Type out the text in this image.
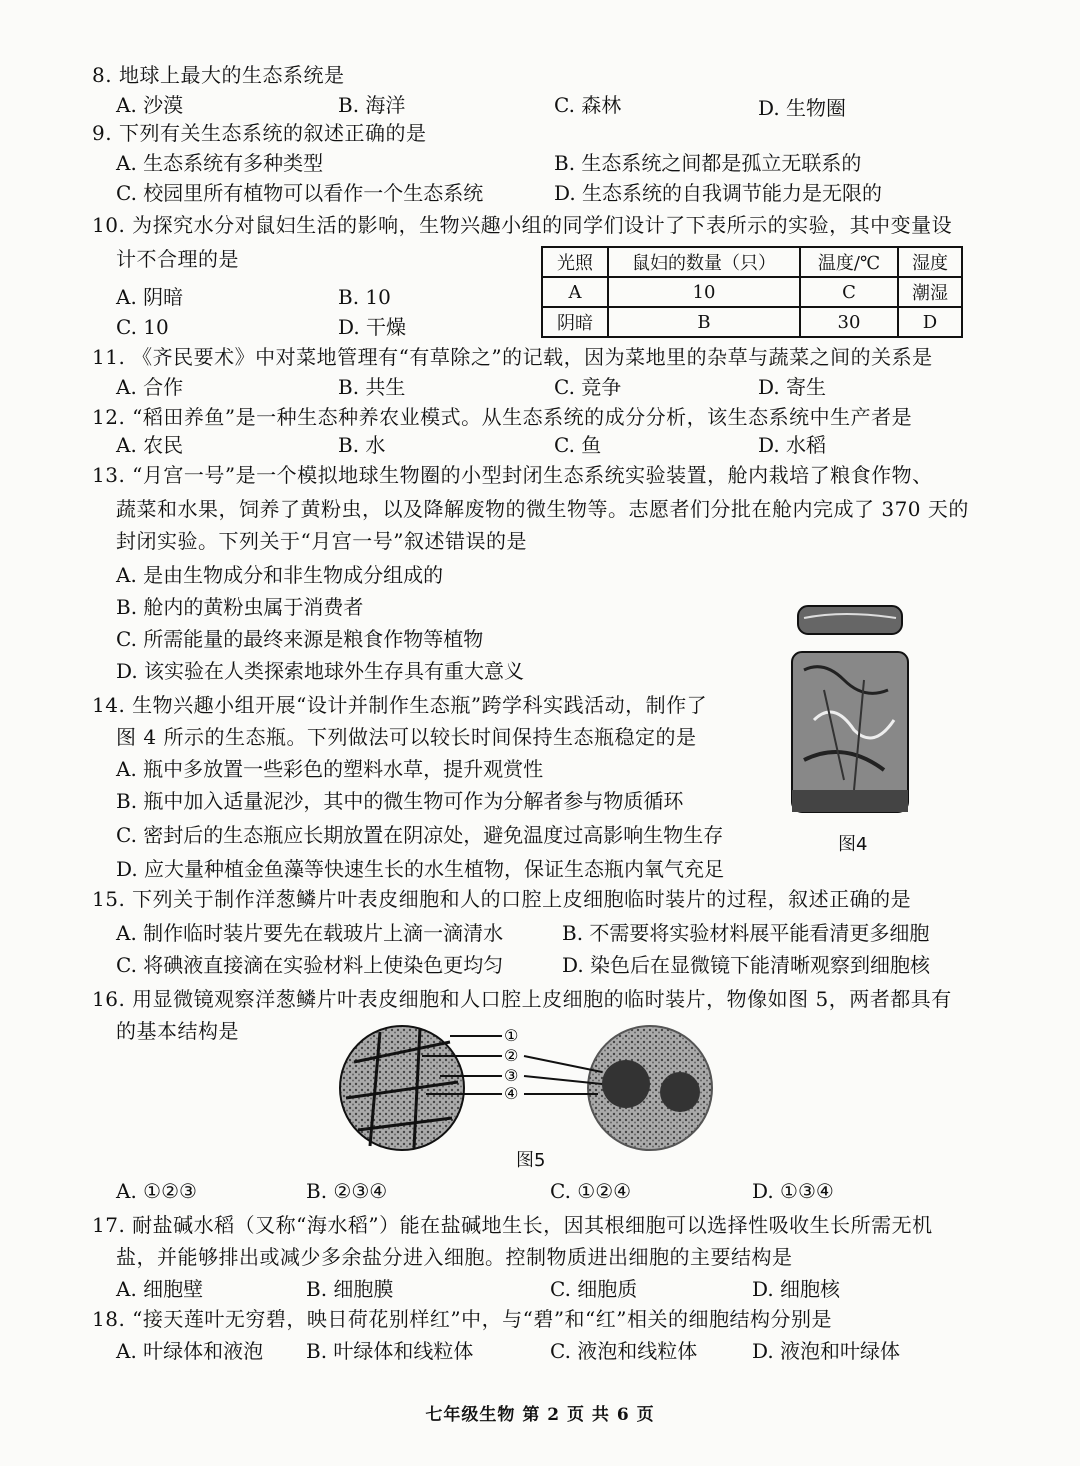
8. 地球上最大的生态系统是
A. 沙漠	B. 海洋	C. 森林	D. 生物圈
9. 下列有关生态系统的叙述正确的是
A. 生态系统有多种类型	B. 生态系统之间都是孤立无联系的
C. 校园里所有植物可以看作一个生态系统	D. 生态系统的自我调节能力是无限的
10. 为探究水分对鼠妇生活的影响，生物兴趣小组的同学们设计了下表所示的实验，其中变量设
计不合理的是
A. 阴暗	B. 10
C. 10	D. 干燥
光照	鼠妇的数量（只）	温度/℃	湿度
A	10	C	潮湿
阴暗	B	30	D
11. 《齐民要术》中对菜地管理有“有草除之”的记载，因为菜地里的杂草与蔬菜之间的关系是
A. 合作	B. 共生	C. 竞争	D. 寄生
12. “稻田养鱼”是一种生态种养农业模式。从生态系统的成分分析，该生态系统中生产者是
A. 农民	B. 水	C. 鱼	D. 水稻
13. “月宫一号”是一个模拟地球生物圈的小型封闭生态系统实验装置，舱内栽培了粮食作物、
蔬菜和水果，饲养了黄粉虫，以及降解废物的微生物等。志愿者们分批在舱内完成了 370 天的
封闭实验。下列关于“月宫一号”叙述错误的是
A. 是由生物成分和非生物成分组成的
B. 舱内的黄粉虫属于消费者
C. 所需能量的最终来源是粮食作物等植物
D. 该实验在人类探索地球外生存具有重大意义
图4
14. 生物兴趣小组开展“设计并制作生态瓶”跨学科实践活动，制作了
图 4 所示的生态瓶。下列做法可以较长时间保持生态瓶稳定的是
A. 瓶中多放置一些彩色的塑料水草，提升观赏性
B. 瓶中加入适量泥沙，其中的微生物可作为分解者参与物质循环
C. 密封后的生态瓶应长期放置在阴凉处，避免温度过高影响生物生存
D. 应大量种植金鱼藻等快速生长的水生植物，保证生态瓶内氧气充足
15. 下列关于制作洋葱鳞片叶表皮细胞和人的口腔上皮细胞临时装片的过程，叙述正确的是
A. 制作临时装片要先在载玻片上滴一滴清水	B. 不需要将实验材料展平能看清更多细胞
C. 将碘液直接滴在实验材料上使染色更均匀	D. 染色后在显微镜下能清晰观察到细胞核
16. 用显微镜观察洋葱鳞片叶表皮细胞和人口腔上皮细胞的临时装片，物像如图 5，两者都具有
的基本结构是	①
②
③
④
图5
A. ①②③	B. ②③④	C. ①②④	D. ①③④
17. 耐盐碱水稻（又称“海水稻”）能在盐碱地生长，因其根细胞可以选择性吸收生长所需无机
盐，并能够排出或减少多余盐分进入细胞。控制物质进出细胞的主要结构是
A. 细胞壁	B. 细胞膜	C. 细胞质	D. 细胞核
18. “接天莲叶无穷碧，映日荷花别样红”中，与“碧”和“红”相关的细胞结构分别是
A. 叶绿体和液泡 B. 叶绿体和线粒体	C. 液泡和线粒体	D. 液泡和叶绿体
七年级生物 第 2 页 共 6 页
